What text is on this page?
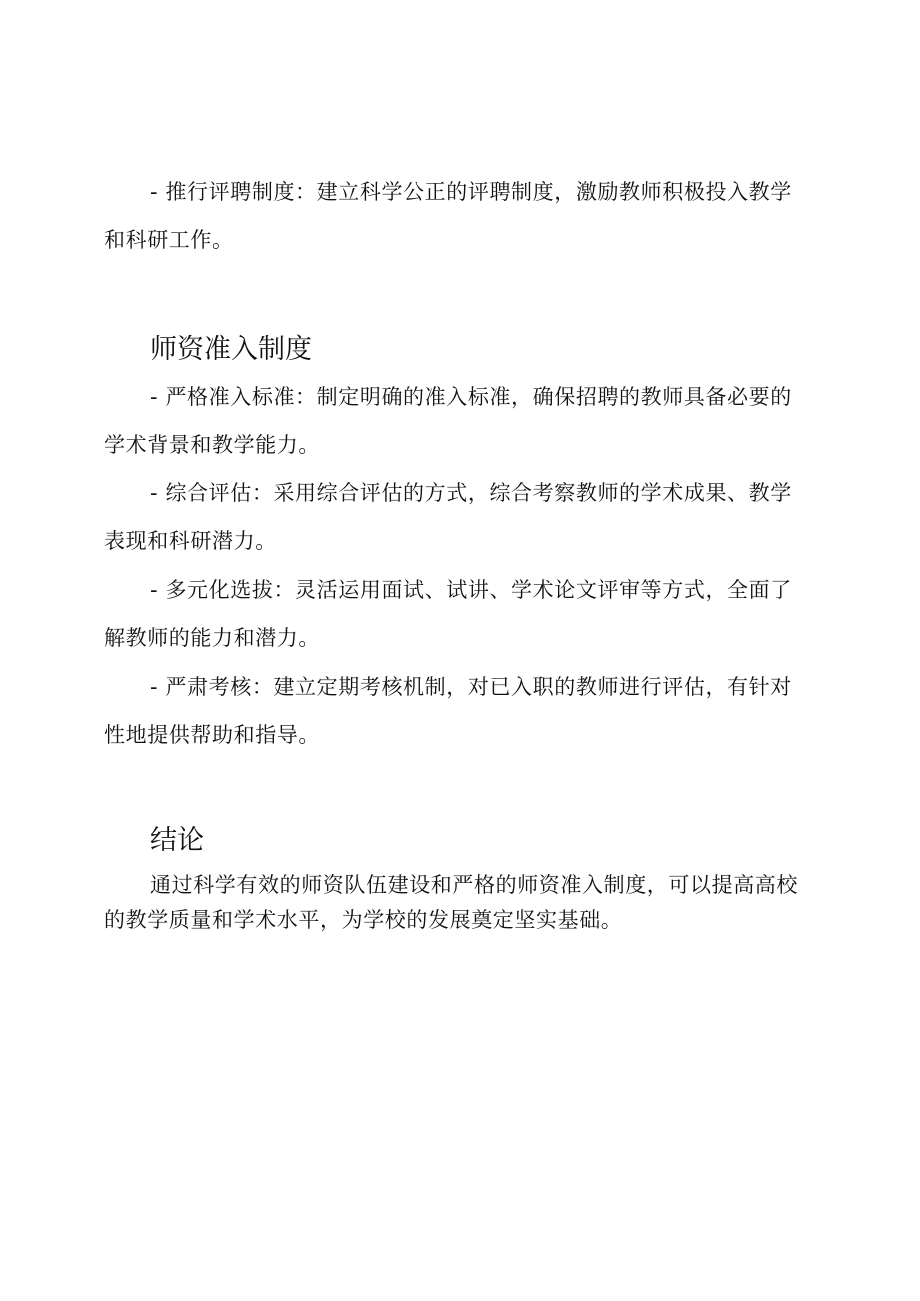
- 推行评聘制度：建立科学公正的评聘制度，激励教师积极投入教学和科研工作。

师资准入制度

- 严格准入标准：制定明确的准入标准，确保招聘的教师具备必要的学术背景和教学能力。

- 综合评估：采用综合评估的方式，综合考察教师的学术成果、教学表现和科研潜力。

- 多元化选拔：灵活运用面试、试讲、学术论文评审等方式，全面了解教师的能力和潜力。

- 严肃考核：建立定期考核机制，对已入职的教师进行评估，有针对性地提供帮助和指导。

结论

通过科学有效的师资队伍建设和严格的师资准入制度，可以提高高校的教学质量和学术水平，为学校的发展奠定坚实基础。
